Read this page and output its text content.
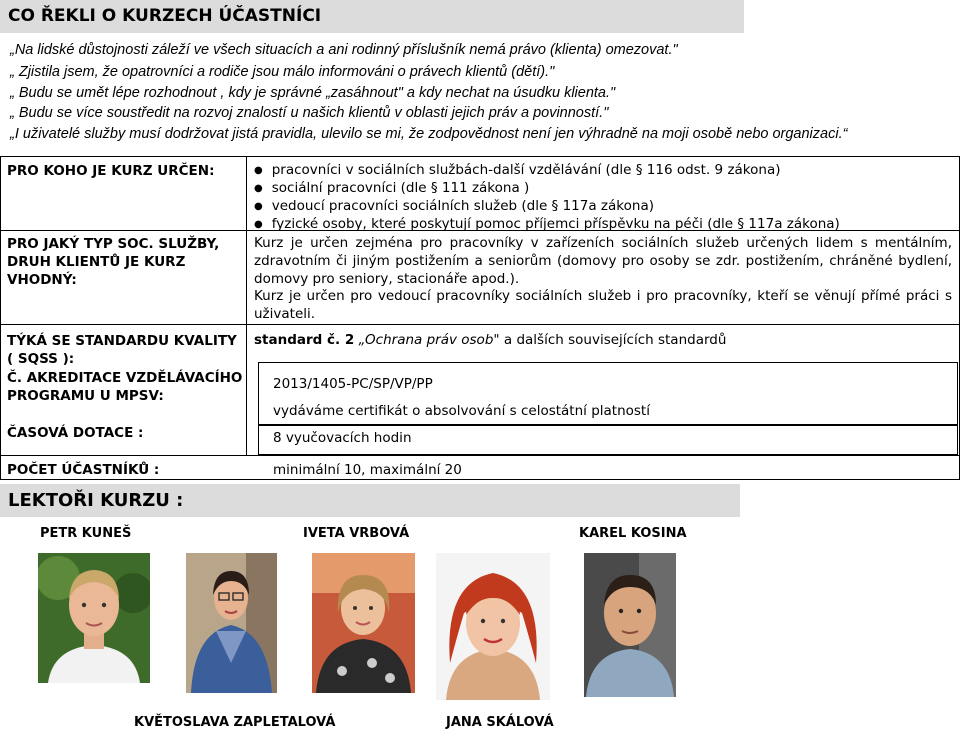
CO ŘEKLI O KURZECH ÚČASTNÍCI
„Na lidské důstojnosti záleží ve všech situacích a ani rodinný příslušník nemá právo (klienta) omezovat."
„ Zjistila jsem, že opatrovníci a rodiče jsou málo informováni o právech klientů (dětí)."
„ Budu se umět lépe rozhodnout , kdy je správné „zasáhnout" a kdy nechat na úsudku klienta."
„ Budu se více soustředit na rozvoj znalostí u našich klientů v oblasti jejich práv a povinností."
„I uživatelé služby musí dodržovat jistá pravidla, ulevilo se mi, že zodpovědnost není jen výhradně na moji osobě nebo organizaci.“
PRO KOHO JE KURZ URČEN:
●	pracovníci v sociálních službách-další vzdělávání (dle § 116 odst. 9 zákona)
● sociální pracovníci (dle § 111 zákona )
● vedoucí pracovníci sociálních služeb (dle § 117a zákona)
● fyzické osoby, které poskytují pomoc příjemci příspěvku na péči (dle § 117a zákona)
PRO JAKÝ TYP SOC. SLUŽBY, DRUH KLIENTŮ JE KURZ VHODNÝ:
Kurz je určen zejména pro pracovníky v zařízeních sociálních služeb určených lidem s mentálním, zdravotním či jiným postižením a seniorům (domovy pro osoby se zdr. postižením, chráněné bydlení, domovy pro seniory, stacionáře apod.).
Kurz je určen pro vedoucí pracovníky sociálních služeb i pro pracovníky, kteří se věnují přímé práci s uživateli.
TÝKÁ SE STANDARDU KVALITY ( SQSS ):
standard č. 2 „Ochrana práv osob" a dalších souvisejících standardů
Č. AKREDITACE VZDĚLÁVACÍHO PROGRAMU U MPSV:
2013/1405-PC/SP/VP/PP
vydáváme certifikát o absolvování s celostátní platností
ČASOVÁ DOTACE :	8 vyučovacích hodin
POČET ÚČASTNÍKŮ :	minimální 10, maximální 20
LEKTOŘI KURZU :
PETR KUNEŠ	IVETA VRBOVÁ	KAREL KOSINA
KVĚTOSLAVA ZAPLETALOVÁ	JANA SKÁLOVÁ
